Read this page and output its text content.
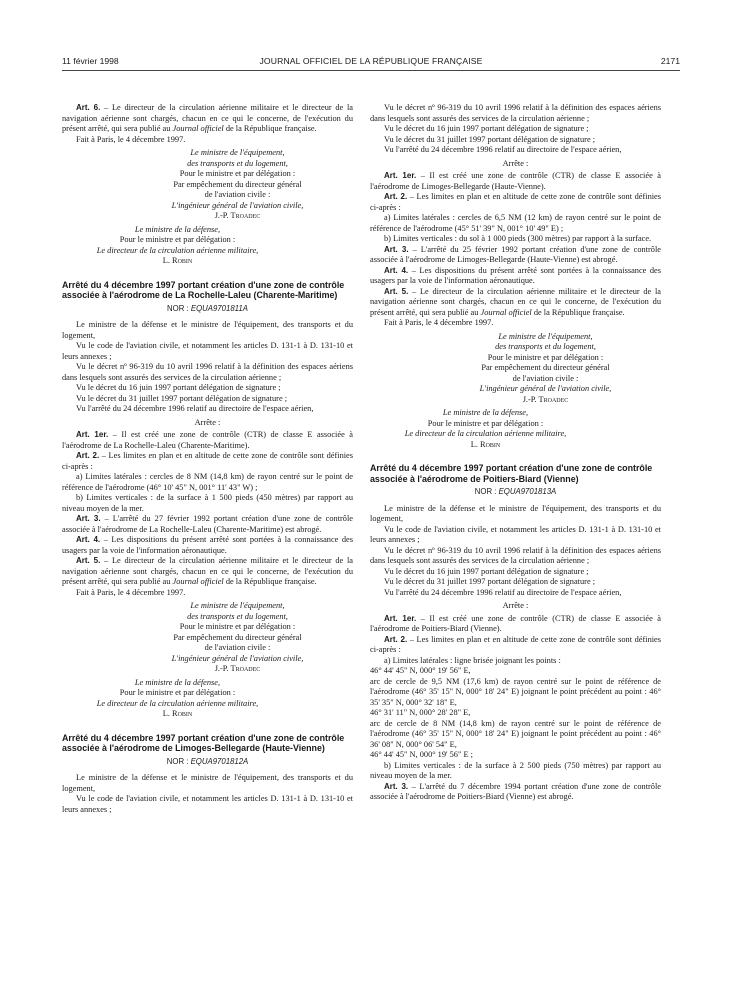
11 février 1998	JOURNAL OFFICIEL DE LA RÉPUBLIQUE FRANÇAISE	2171

Art. 6. – Le directeur de la circulation aérienne militaire et le directeur de la navigation aérienne sont chargés, chacun en ce qui le concerne, de l'exécution du présent arrêté, qui sera publié au Journal officiel de la République française.

Fait à Paris, le 4 décembre 1997.

Le ministre de l'équipement,

des transports et du logement,

Pour le ministre et par délégation :

Par empêchement du directeur général

de l'aviation civile :

L'ingénieur général de l'aviation civile,

J.-P. Troadec

Le ministre de la défense,

Pour le ministre et par délégation :

Le directeur de la circulation aérienne militaire,

L. Robin

Arrêté du 4 décembre 1997 portant création d'une zone de contrôle associée à l'aérodrome de La Rochelle-Laleu (Charente-Maritime)

NOR : EQUA9701811A

Le ministre de la défense et le ministre de l'équipement, des transports et du logement,

Vu le code de l'aviation civile, et notamment les articles D. 131-1 à D. 131-10 et leurs annexes ;

Vu le décret nº 96-319 du 10 avril 1996 relatif à la définition des espaces aériens dans lesquels sont assurés des services de la circulation aérienne ;

Vu le décret du 16 juin 1997 portant délégation de signature ;

Vu le décret du 31 juillet 1997 portant délégation de signature ;

Vu l'arrêté du 24 décembre 1996 relatif au directoire de l'espace aérien,

Arrête :

Art. 1er. – Il est créé une zone de contrôle (CTR) de classe E associée à l'aérodrome de La Rochelle-Laleu (Charente-Maritime).

Art. 2. – Les limites en plan et en altitude de cette zone de contrôle sont définies ci-après :

a) Limites latérales : cercles de 8 NM (14,8 km) de rayon centré sur le point de référence de l'aérodrome (46° 10' 45" N, 001° 11' 43" W) ;

b) Limites verticales : de la surface à 1 500 pieds (450 mètres) par rapport au niveau moyen de la mer.

Art. 3. – L'arrêté du 27 février 1992 portant création d'une zone de contrôle associée à l'aérodrome de La Rochelle-Laleu (Charente-Maritime) est abrogé.

Art. 4. – Les dispositions du présent arrêté sont portées à la connaissance des usagers par la voie de l'information aéronautique.

Art. 5. – Le directeur de la circulation aérienne militaire et le directeur de la navigation aérienne sont chargés, chacun en ce qui le concerne, de l'exécution du présent arrêté, qui sera publié au Journal officiel de la République française.

Fait à Paris, le 4 décembre 1997.

Le ministre de l'équipement,

des transports et du logement,

Pour le ministre et par délégation :

Par empêchement du directeur général

de l'aviation civile :

L'ingénieur général de l'aviation civile,

J.-P. Troadec

Le ministre de la défense,

Pour le ministre et par délégation :

Le directeur de la circulation aérienne militaire,

L. Robin

Arrêté du 4 décembre 1997 portant création d'une zone de contrôle associée à l'aérodrome de Limoges-Bellegarde (Haute-Vienne)

NOR : EQUA9701812A

Le ministre de la défense et le ministre de l'équipement, des transports et du logement,

Vu le code de l'aviation civile, et notamment les articles D. 131-1 à D. 131-10 et leurs annexes ;

Vu le décret nº 96-319 du 10 avril 1996 relatif à la définition des espaces aériens dans lesquels sont assurés des services de la circulation aérienne ;

Vu le décret du 16 juin 1997 portant délégation de signature ;

Vu le décret du 31 juillet 1997 portant délégation de signature ;

Vu l'arrêté du 24 décembre 1996 relatif au directoire de l'espace aérien,

Arrête :

Art. 1er. – Il est créé une zone de contrôle (CTR) de classe E associée à l'aérodrome de Limoges-Bellegarde (Haute-Vienne).

Art. 2. – Les limites en plan et en altitude de cette zone de contrôle sont définies ci-après :

a) Limites latérales : cercles de 6,5 NM (12 km) de rayon centré sur le point de référence de l'aérodrome (45° 51' 39" N, 001° 10' 49" E) ;

b) Limites verticales : du sol à 1 000 pieds (300 mètres) par rapport à la surface.

Art. 3. – L'arrêté du 25 février 1992 portant création d'une zone de contrôle associée à l'aérodrome de Limoges-Bellegarde (Haute-Vienne) est abrogé.

Art. 4. – Les dispositions du présent arrêté sont portées à la connaissance des usagers par la voie de l'information aéronautique.

Art. 5. – Le directeur de la circulation aérienne militaire et le directeur de la navigation aérienne sont chargés, chacun en ce qui le concerne, de l'exécution du présent arrêté, qui sera publié au Journal officiel de la République française.

Fait à Paris, le 4 décembre 1997.

Le ministre de l'équipement,

des transports et du logement,

Pour le ministre et par délégation :

Par empêchement du directeur général

de l'aviation civile :

L'ingénieur général de l'aviation civile,

J.-P. Troadec

Le ministre de la défense,

Pour le ministre et par délégation :

Le directeur de la circulation aérienne militaire,

L. Robin

Arrêté du 4 décembre 1997 portant création d'une zone de contrôle associée à l'aérodrome de Poitiers-Biard (Vienne)

NOR : EQUA9701813A

Le ministre de la défense et le ministre de l'équipement, des transports et du logement,

Vu le code de l'aviation civile, et notamment les articles D. 131-1 à D. 131-10 et leurs annexes ;

Vu le décret nº 96-319 du 10 avril 1996 relatif à la définition des espaces aériens dans lesquels sont assurés des services de la circulation aérienne ;

Vu le décret du 16 juin 1997 portant délégation de signature ;

Vu le décret du 31 juillet 1997 portant délégation de signature ;

Vu l'arrêté du 24 décembre 1996 relatif au directoire de l'espace aérien,

Arrête :

Art. 1er. – Il est créé une zone de contrôle (CTR) de classe E associée à l'aérodrome de Poitiers-Biard (Vienne).

Art. 2. – Les limites en plan et en altitude de cette zone de contrôle sont définies ci-après :

a) Limites latérales : ligne brisée joignant les points :

46° 44' 45" N, 000° 19' 56" E,

arc de cercle de 9,5 NM (17,6 km) de rayon centré sur le point de référence de l'aérodrome (46° 35' 15" N, 000° 18' 24" E) joignant le point précédent au point : 46° 35' 35" N, 000° 32' 18" E,

46° 31' 11" N, 000° 28' 28" E,

arc de cercle de 8 NM (14,8 km) de rayon centré sur le point de référence de l'aérodrome (46° 35' 15" N, 000° 18' 24" E) joignant le point précédent au point : 46° 36' 08" N, 000° 06' 54" E,

46° 44' 45" N, 000° 19' 56" E ;

b) Limites verticales : de la surface à 2 500 pieds (750 mètres) par rapport au niveau moyen de la mer.

Art. 3. – L'arrêté du 7 décembre 1994 portant création d'une zone de contrôle associée à l'aérodrome de Poitiers-Biard (Vienne) est abrogé.
